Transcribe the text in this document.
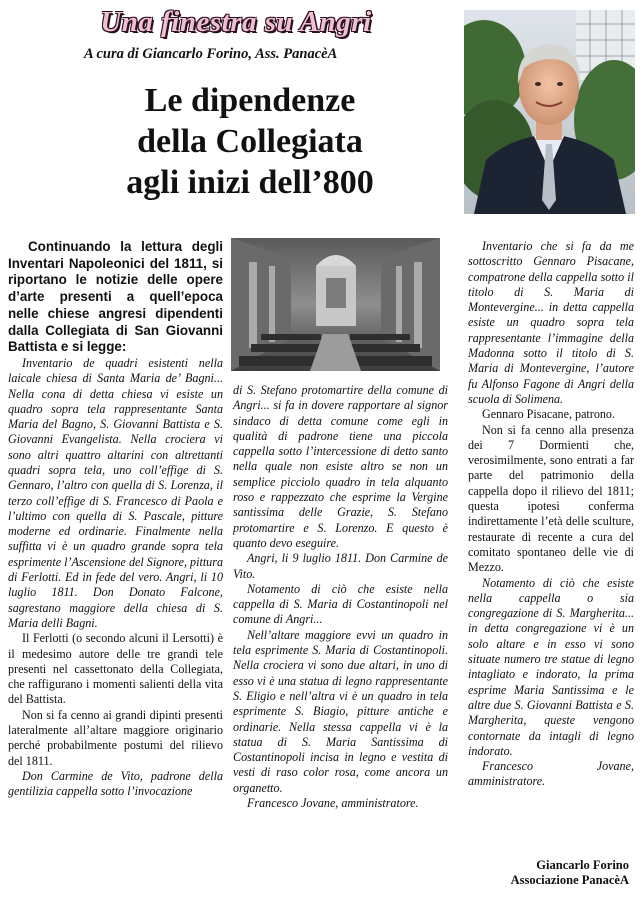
Una finestra su Angri
A cura di Giancarlo Forino, Ass. PanacèA
Le dipendenze
della Collegiata
agli inizi dell’800

Continuando la lettura degli Inventari Napoleonici del 1811, si riportano le notizie delle opere d’arte presenti a quell’epoca nelle chiese angresi dipendenti dalla Collegiata di San Giovanni Battista e si legge:

Inventario de quadri esistenti nella laicale chiesa di Santa Maria de’ Bagni... Nella cona di detta chiesa vi esiste un quadro sopra tela rappresentante Santa Maria del Bagno, S. Giovanni Battista e S. Giovanni Evangelista. Nella crociera vi sono altri quattro altarini con altrettanti quadri sopra tela, uno coll’effige di S. Gennaro, l’altro con quella di S. Lorenza, il terzo coll’effige di S. Francesco di Paola e l’ultimo con quella di S. Pascale, pitture moderne ed ordinarie. Finalmente nella suffitta vi è un quadro grande sopra tela esprimente l’Ascensione del Signore, pittura di Ferlotti. Ed in fede del vero. Angri, li 10 luglio 1811. Don Donato Falcone, sagrestano maggiore della chiesa di S. Maria delli Bagni.

Il Ferlotti (o secondo alcuni il Lersotti) è il medesimo autore delle tre grandi tele presenti nel cassettonato della Collegiata, che raffigurano i momenti salienti della vita del Battista.

Non si fa cenno ai grandi dipinti presenti lateralmente all’altare maggiore originario perché probabilmente postumi del rilievo del 1811.

Don Carmine de Vito, padrone della gentilizia cappella sotto l’invocazione

di S. Stefano protomartire della comune di Angri... si fa in dovere rapportare al signor sindaco di detta comune come egli in qualità di padrone tiene una piccola cappella sotto l’intercessione di detto santo nella quale non esiste altro se non un semplice picciolo quadro in tela alquanto roso e rappezzato che esprime la Vergine santissima delle Grazie, S. Stefano protomartire e S. Lorenzo. E questo è quanto devo eseguire.

Angri, li 9 luglio 1811. Don Carmine de Vito.

Notamento di ciò che esiste nella cappella di S. Maria di Costantinopoli nel comune di Angri...

Nell’altare maggiore evvi un quadro in tela esprimente S. Maria di Costantinopoli. Nella crociera vi sono due altari, in uno di esso vi è una statua di legno rappresentante S. Eligio e nell’altra vi è un quadro in tela esprimente S. Biagio, pitture antiche e ordinarie. Nella stessa cappella vi è la statua di S. Maria Santissima di Costantinopoli incisa in legno e vestita di vesti di raso color rosa, come ancora un organetto.

Francesco Jovane, amministratore.

Inventario che si fa da me sottoscritto Gennaro Pisacane, compatrone della cappella sotto il titolo di S. Maria di Montevergine... in detta cappella esiste un quadro sopra tela rappresentante l’immagine della Madonna sotto il titolo di S. Maria di Montevergine, l’autore fu Alfonso Fagone di Angri della scuola di Solimena.

Gennaro Pisacane, patrono.

Non si fa cenno alla presenza dei 7 Dormienti che, verosimilmente, sono entrati a far parte del patrimonio della cappella dopo il rilievo del 1811; questa ipotesi conferma indirettamente l’età delle sculture, restaurate di recente a cura del comitato spontaneo delle vie di Mezzo.

Notamento di ciò che esiste nella cappella o sia congregazione di S. Margherita... in detta congregazione vi è un solo altare e in esso vi sono situate numero tre statue di legno intagliato e indorato, la prima esprime Maria Santissima e le altre due S. Giovanni Battista e S. Margherita, queste vengono contornate da intagli di legno indorato.

Francesco Jovane, amministratore.

Giancarlo Forino
Associazione PanacèA
